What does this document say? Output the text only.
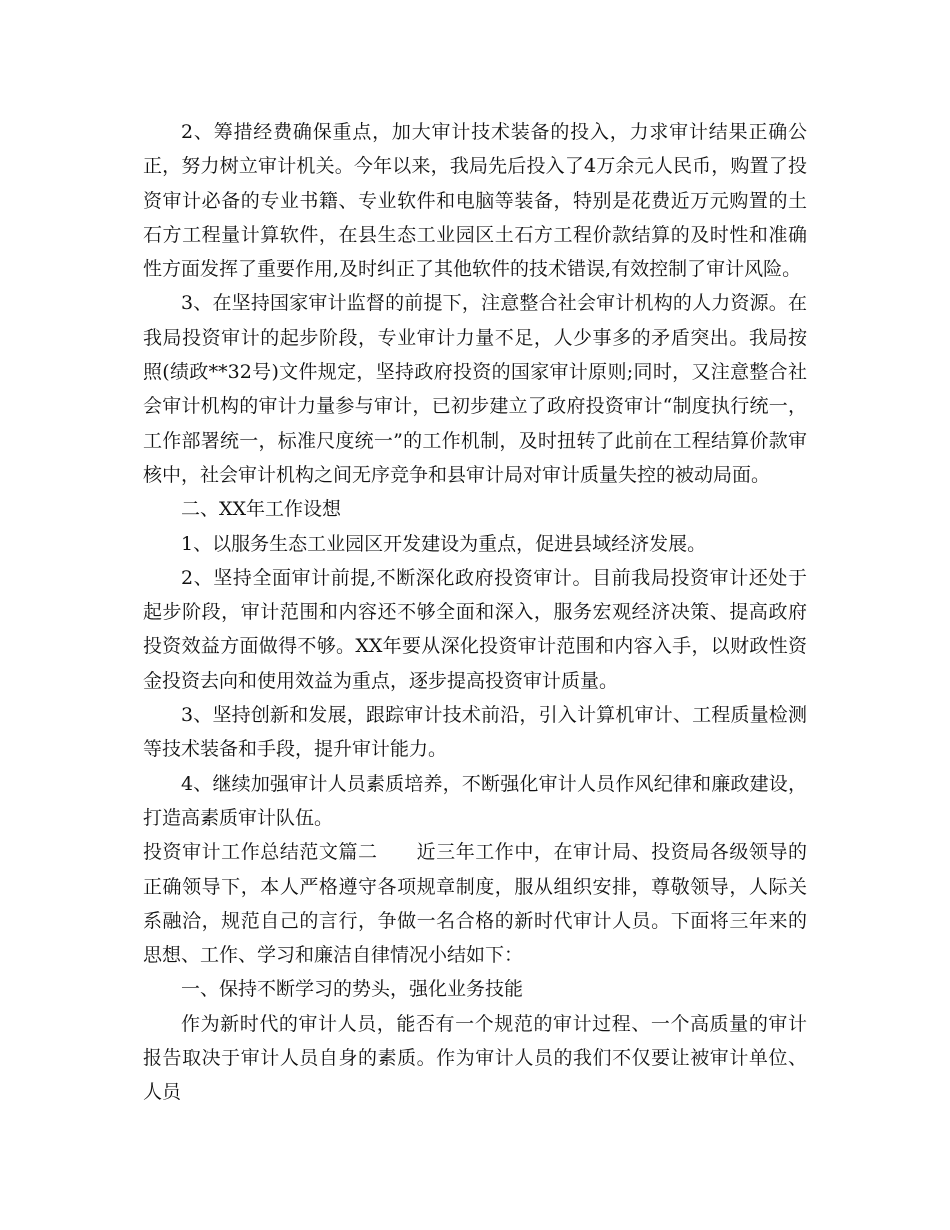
2、筹措经费确保重点，加大审计技术装备的投入，力求审计结果正确公正，努力树立审计机关。今年以来，我局先后投入了4万余元人民币，购置了投资审计必备的专业书籍、专业软件和电脑等装备，特别是花费近万元购置的土石方工程量计算软件，在县生态工业园区土石方工程价款结算的及时性和准确性方面发挥了重要作用,及时纠正了其他软件的技术错误,有效控制了审计风险。

3、在坚持国家审计监督的前提下，注意整合社会审计机构的人力资源。在我局投资审计的起步阶段，专业审计力量不足，人少事多的矛盾突出。我局按照(绩政**32号)文件规定，坚持政府投资的国家审计原则;同时，又注意整合社会审计机构的审计力量参与审计，已初步建立了政府投资审计“制度执行统一，工作部署统一，标准尺度统一”的工作机制，及时扭转了此前在工程结算价款审核中，社会审计机构之间无序竞争和县审计局对审计质量失控的被动局面。

二、XX年工作设想

1、以服务生态工业园区开发建设为重点，促进县域经济发展。

2、坚持全面审计前提,不断深化政府投资审计。目前我局投资审计还处于起步阶段，审计范围和内容还不够全面和深入，服务宏观经济决策、提高政府投资效益方面做得不够。XX年要从深化投资审计范围和内容入手，以财政性资金投资去向和使用效益为重点，逐步提高投资审计质量。

3、坚持创新和发展，跟踪审计技术前沿，引入计算机审计、工程质量检测等技术装备和手段，提升审计能力。

4、继续加强审计人员素质培养，不断强化审计人员作风纪律和廉政建设，打造高素质审计队伍。

投资审计工作总结范文篇二　　近三年工作中，在审计局、投资局各级领导的正确领导下，本人严格遵守各项规章制度，服从组织安排，尊敬领导，人际关系融洽，规范自己的言行，争做一名合格的新时代审计人员。下面将三年来的思想、工作、学习和廉洁自律情况小结如下：

一、保持不断学习的势头，强化业务技能

作为新时代的审计人员，能否有一个规范的审计过程、一个高质量的审计报告取决于审计人员自身的素质。作为审计人员的我们不仅要让被审计单位、人员
